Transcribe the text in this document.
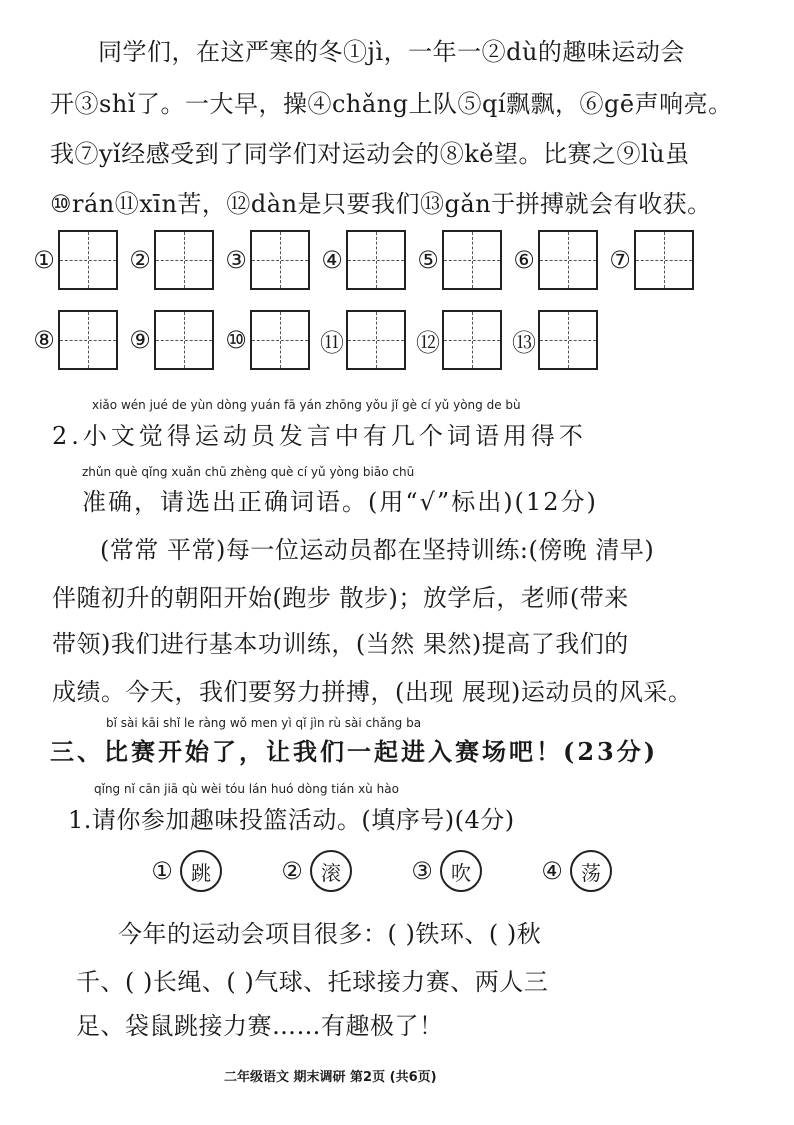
同学们，在这严寒的冬①jì，一年一②dù的趣味运动会
开③shǐ了。一大早，操④chǎng上队⑤qí飘飘，⑥gē声响亮。
我⑦yǐ经感受到了同学们对运动会的⑧kě望。比赛之⑨lù虽
⑩rán⑪xīn苦，⑫dàn是只要我们⑬gǎn于拼搏就会有收获。
①	②	③	④	⑤	⑥	⑦
⑧	⑨	⑩	⑪	⑫	⑬
xiǎo wén jué de yùn dòng yuán fā yán zhōng yǒu jǐ gè cí yǔ yòng de bù
2.小文觉得运动员发言中有几个词语用得不
zhǔn què qǐng xuǎn chū zhèng què cí yǔ yòng biāo chū
准确，请选出正确词语。(用“√”标出)(12分)
(常常 平常)每一位运动员都在坚持训练:(傍晚 清早)
伴随初升的朝阳开始(跑步 散步)；放学后，老师(带来
带领)我们进行基本功训练，(当然 果然)提高了我们的
成绩。今天，我们要努力拼搏，(出现 展现)运动员的风采。
bǐ sài kāi shǐ le ràng wǒ men yì qǐ jìn rù sài chǎng ba
三、比赛开始了，让我们一起进入赛场吧！(23分)
qǐng nǐ cān jiā qù wèi tóu lán huó dòng tián xù hào
1.请你参加趣味投篮活动。(填序号)(4分)
① 跳	② 滚	③ 吹	④ 荡
今年的运动会项目很多：( )铁环、( )秋
千、( )长绳、( )气球、托球接力赛、两人三
足、袋鼠跳接力赛……有趣极了！
二年级语文 期末调研 第2页 (共6页)
